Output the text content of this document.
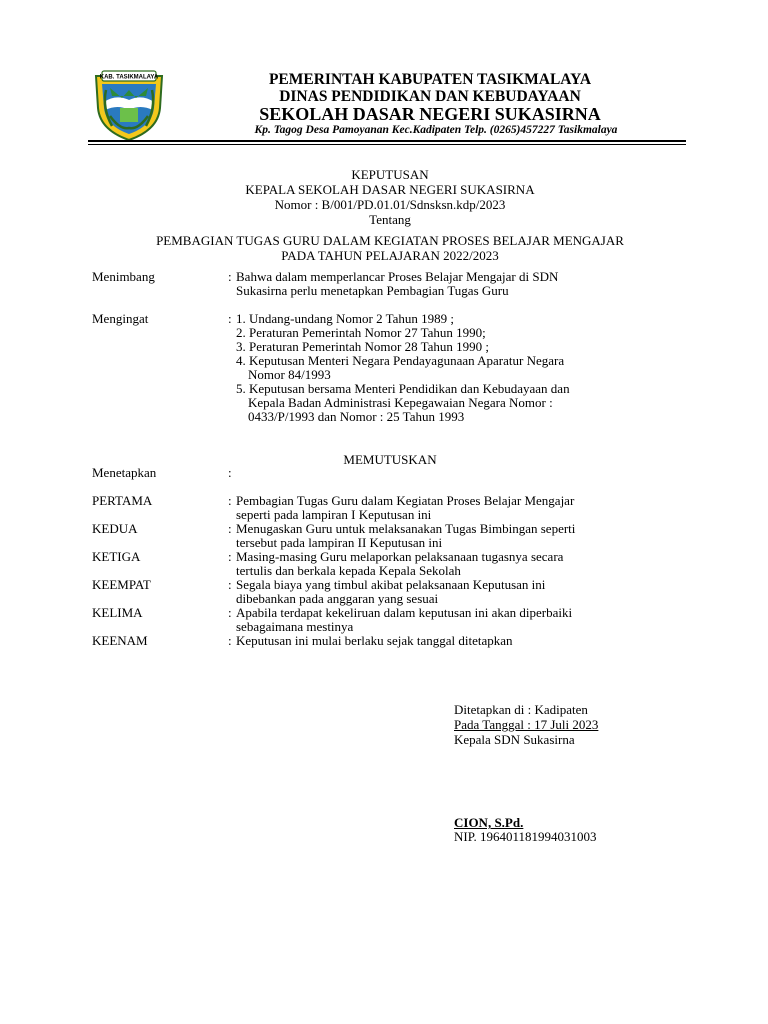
KAB. TASIKMALAYA	PEMERINTAH KABUPATEN TASIKMALAYA
DINAS PENDIDIKAN DAN KEBUDAYAAN
SEKOLAH DASAR NEGERI SUKASIRNA
Kp. Tagog Desa Pamoyanan Kec.Kadipaten Telp. (0265)457227 Tasikmalaya
KEPUTUSAN
KEPALA SEKOLAH DASAR NEGERI SUKASIRNA
Nomor : B/001/PD.01.01/Sdnsksn.kdp/2023
Tentang
PEMBAGIAN TUGAS GURU DALAM KEGIATAN PROSES BELAJAR MENGAJAR
PADA TAHUN PELAJARAN 2022/2023
Menimbang	: Bahwa dalam memperlancar Proses Belajar Mengajar di SDN
Sukasirna perlu menetapkan Pembagian Tugas Guru
Mengingat	: 1. Undang-undang Nomor 2 Tahun 1989 ;
2. Peraturan Pemerintah Nomor 27 Tahun 1990;
3. Peraturan Pemerintah Nomor 28 Tahun 1990 ;
4. Keputusan Menteri Negara Pendayagunaan Aparatur Negara
Nomor 84/1993
5. Keputusan bersama Menteri Pendidikan dan Kebudayaan dan
Kepala Badan Administrasi Kepegawaian Negara Nomor :
0433/P/1993 dan Nomor : 25 Tahun 1993
MEMUTUSKAN
Menetapkan	:
PERTAMA	: Pembagian Tugas Guru dalam Kegiatan Proses Belajar Mengajar
seperti pada lampiran I Keputusan ini
KEDUA	: Menugaskan Guru untuk melaksanakan Tugas Bimbingan seperti
tersebut pada lampiran II Keputusan ini
KETIGA	: Masing-masing Guru melaporkan pelaksanaan tugasnya secara
tertulis dan berkala kepada Kepala Sekolah
KEEMPAT	: Segala biaya yang timbul akibat pelaksanaan Keputusan ini
dibebankan pada anggaran yang sesuai
KELIMA	: Apabila terdapat kekeliruan dalam keputusan ini akan diperbaiki
sebagaimana mestinya
KEENAM	: Keputusan ini mulai berlaku sejak tanggal ditetapkan
Ditetapkan di : Kadipaten
Pada Tanggal : 17 Juli 2023
Kepala SDN Sukasirna
CION, S.Pd.
NIP. 196401181994031003
